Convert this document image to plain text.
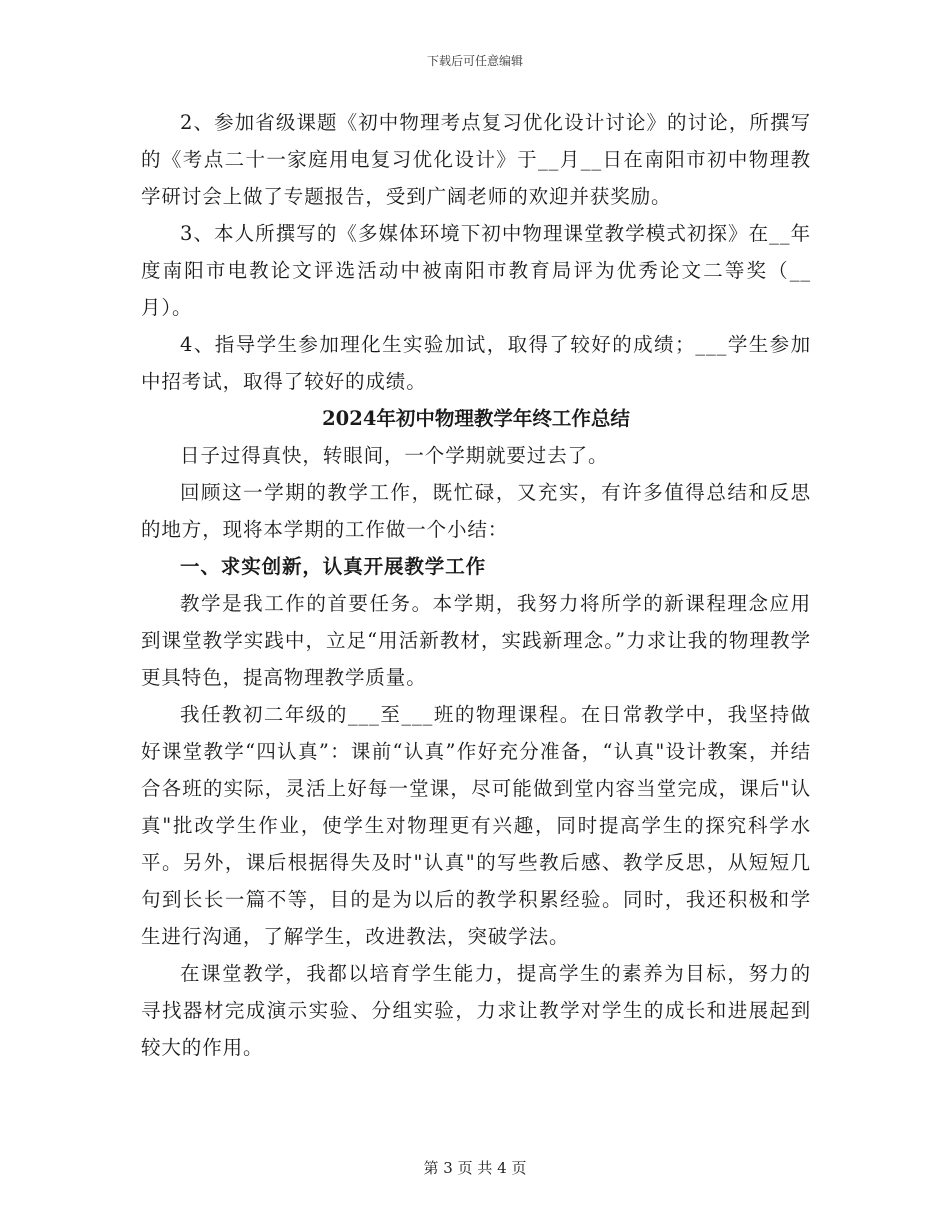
下载后可任意编辑

2、参加省级课题《初中物理考点复习优化设计讨论》的讨论，所撰写的《考点二十一家庭用电复习优化设计》于__月__日在南阳市初中物理教学研讨会上做了专题报告，受到广阔老师的欢迎并获奖励。

3、本人所撰写的《多媒体环境下初中物理课堂教学模式初探》在__年度南阳市电教论文评选活动中被南阳市教育局评为优秀论文二等奖（__月）。

4、指导学生参加理化生实验加试，取得了较好的成绩；___学生参加中招考试，取得了较好的成绩。

2024年初中物理教学年终工作总结

日子过得真快，转眼间，一个学期就要过去了。

回顾这一学期的教学工作，既忙碌，又充实，有许多值得总结和反思的地方，现将本学期的工作做一个小结：

一、求实创新，认真开展教学工作

教学是我工作的首要任务。本学期，我努力将所学的新课程理念应用到课堂教学实践中，立足“用活新教材，实践新理念。”力求让我的物理教学更具特色，提高物理教学质量。

我任教初二年级的___至___班的物理课程。在日常教学中，我坚持做好课堂教学“四认真”：课前“认真”作好充分准备，“认真"设计教案，并结合各班的实际，灵活上好每一堂课，尽可能做到堂内容当堂完成，课后"认真"批改学生作业，使学生对物理更有兴趣，同时提高学生的探究科学水平。另外，课后根据得失及时"认真"的写些教后感、教学反思，从短短几句到长长一篇不等，目的是为以后的教学积累经验。同时，我还积极和学生进行沟通，了解学生，改进教法，突破学法。

在课堂教学，我都以培育学生能力，提高学生的素养为目标，努力的寻找器材完成演示实验、分组实验，力求让教学对学生的成长和进展起到较大的作用。

第 3 页 共 4 页
